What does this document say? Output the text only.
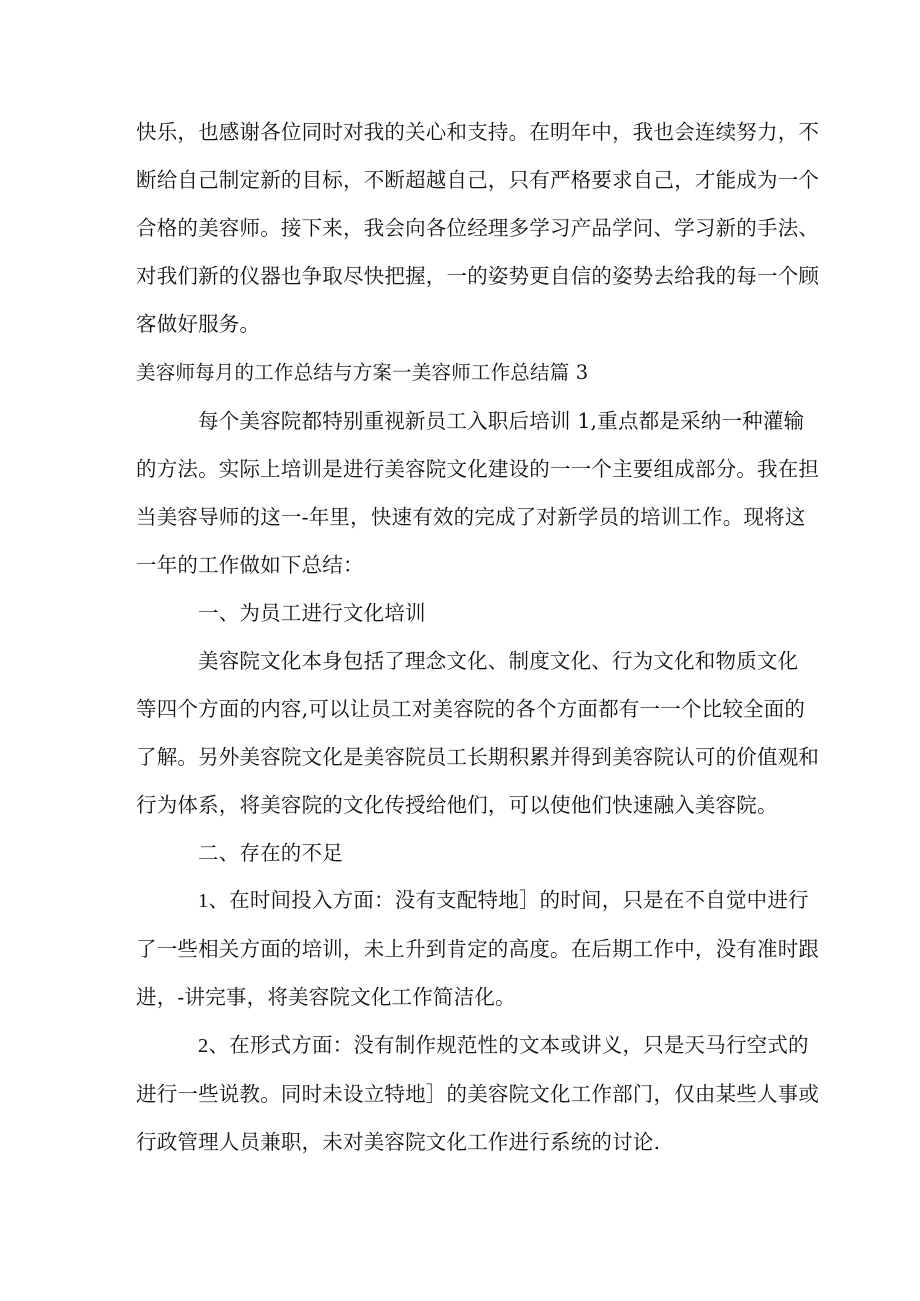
快乐，也感谢各位同时对我的关心和支持。在明年中，我也会连续努力，不
断给自己制定新的目标，不断超越自己，只有严格要求自己，才能成为一个
合格的美容师。接下来，我会向各位经理多学习产品学问、学习新的手法、
对我们新的仪器也争取尽快把握，一的姿势更自信的姿势去给我的每一个顾
客做好服务。
美容师每月的工作总结与方案一美容师工作总结篇 3
每个美容院都特别重视新员工入职后培训 1,重点都是采纳一种灌输
的方法。实际上培训是进行美容院文化建设的一一个主要组成部分。我在担
当美容导师的这一-年里，快速有效的完成了对新学员的培训工作。现将这
一年的工作做如下总结：
一、为员工进行文化培训
美容院文化本身包括了理念文化、制度文化、行为文化和物质文化
等四个方面的内容,可以让员工对美容院的各个方面都有一一个比较全面的
了解。另外美容院文化是美容院员工长期积累并得到美容院认可的价值观和
行为体系，将美容院的文化传授给他们，可以使他们快速融入美容院。
二、存在的不足
1、在时间投入方面：没有支配特地］的时间，只是在不自觉中进行
了一些相关方面的培训，未上升到肯定的高度。在后期工作中，没有准时跟
进，-讲完事，将美容院文化工作简洁化。
2、在形式方面：没有制作规范性的文本或讲义，只是天马行空式的
进行一些说教。同时未设立特地］的美容院文化工作部门，仅由某些人事或
行政管理人员兼职，未对美容院文化工作进行系统的讨论.
